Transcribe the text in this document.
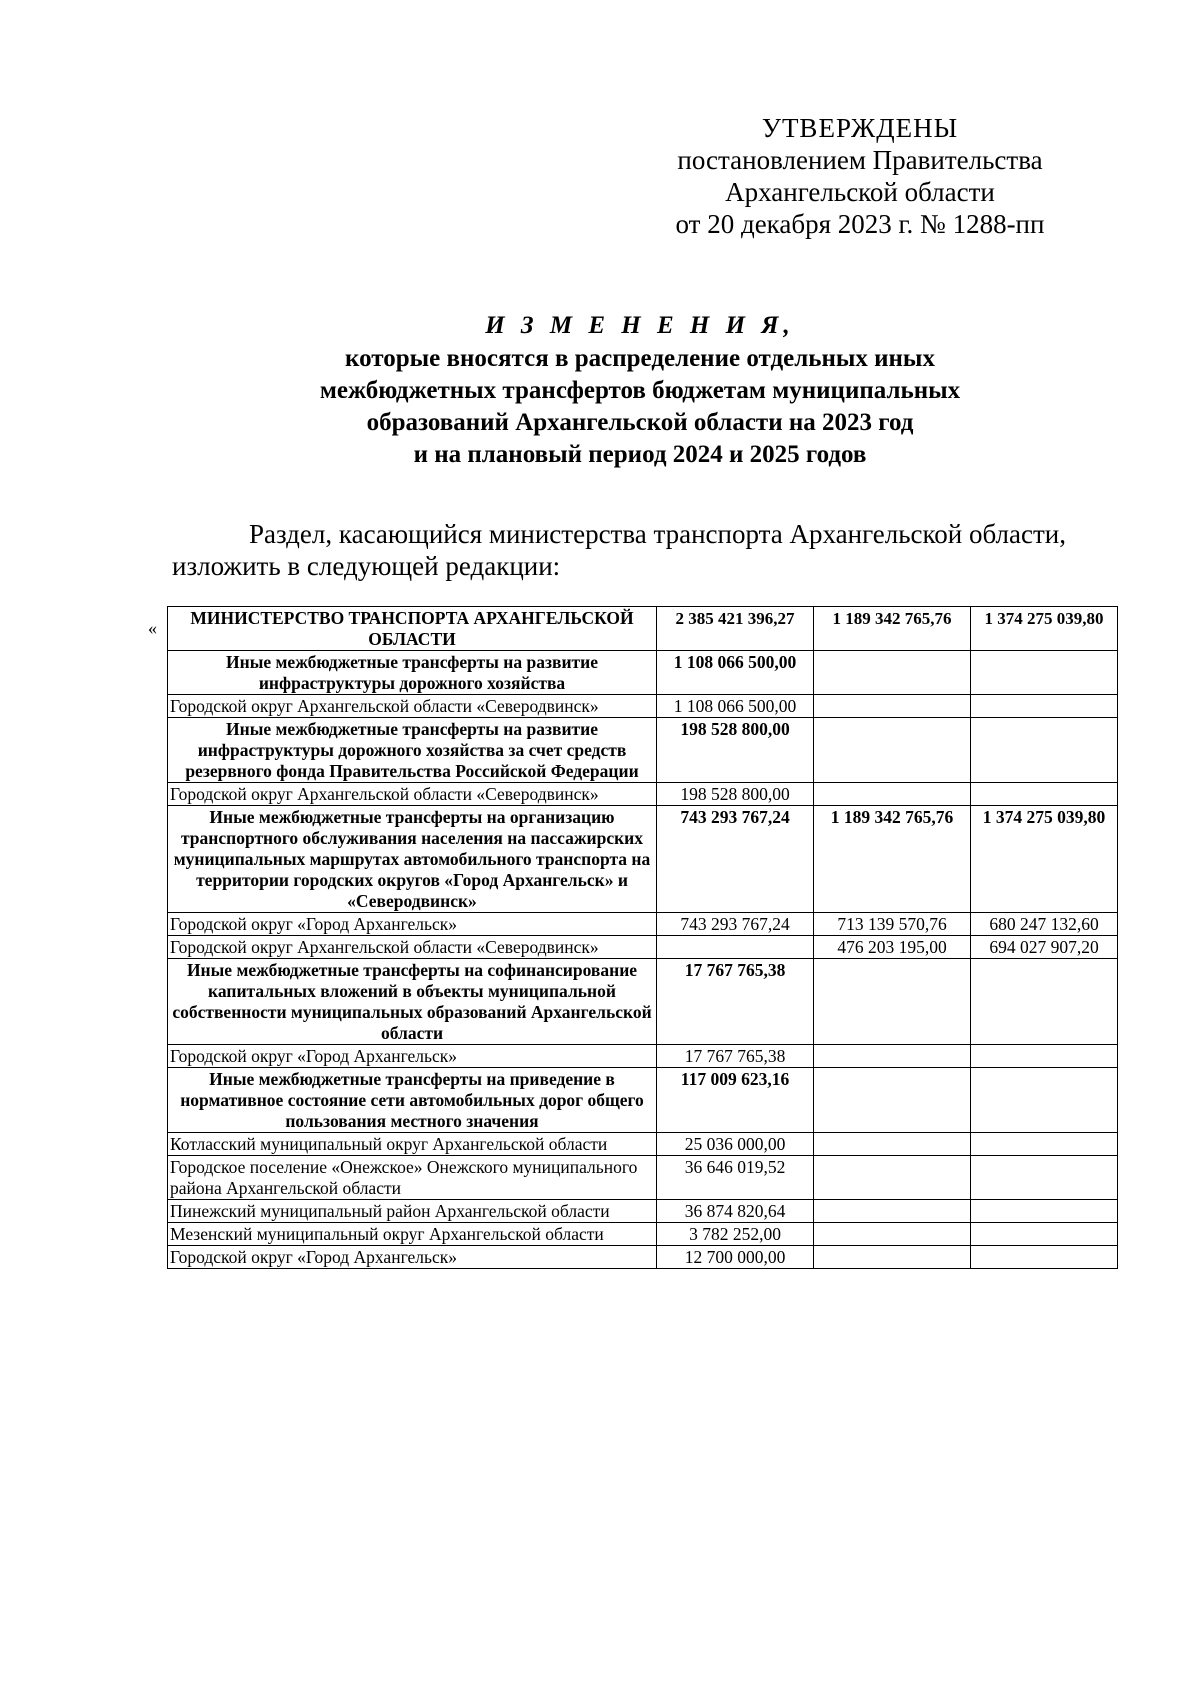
УТВЕРЖДЕНЫ
постановлением Правительства
Архангельской области
от 20 декабря 2023 г. № 1288-пп
И З М Е Н Е Н И Я,
которые вносятся в распределение отдельных иных
межбюджетных трансфертов бюджетам муниципальных
образований Архангельской области на 2023 год
и на плановый период 2024 и 2025 годов
Раздел, касающийся министерства транспорта Архангельской области,
изложить в следующей редакции:
« МИНИСТЕРСТВО ТРАНСПОРТА АРХАНГЕЛЬСКОЙ ОБЛАСТИ	2 385 421 396,27	1 189 342 765,76	1 374 275 039,80
Иные межбюджетные трансферты на развитие инфраструктуры дорожного хозяйства	1 108 066 500,00		
Городской округ Архангельской области «Северодвинск»	1 108 066 500,00		
Иные межбюджетные трансферты на развитие инфраструктуры дорожного хозяйства за счет средств резервного фонда Правительства Российской Федерации	198 528 800,00		
Городской округ Архангельской области «Северодвинск»	198 528 800,00		
Иные межбюджетные трансферты на организацию транспортного обслуживания населения на пассажирских муниципальных маршрутах автомобильного транспорта на территории городских округов «Город Архангельск» и «Северодвинск»	743 293 767,24	1 189 342 765,76	1 374 275 039,80
Городской округ «Город Архангельск»	743 293 767,24	713 139 570,76	680 247 132,60
Городской округ Архангельской области «Северодвинск»		476 203 195,00	694 027 907,20
Иные межбюджетные трансферты на софинансирование капитальных вложений в объекты муниципальной собственности муниципальных образований Архангельской области	17 767 765,38		
Городской округ «Город Архангельск»	17 767 765,38		
Иные межбюджетные трансферты на приведение в нормативное состояние сети автомобильных дорог общего пользования местного значения	117 009 623,16		
Котласский муниципальный округ Архангельской области	25 036 000,00		
Городское поселение «Онежское» Онежского муниципального района Архангельской области	36 646 019,52		
Пинежский муниципальный район Архангельской области	36 874 820,64		
Мезенский муниципальный округ Архангельской области	3 782 252,00		
Городской округ «Город Архангельск»	12 700 000,00		
